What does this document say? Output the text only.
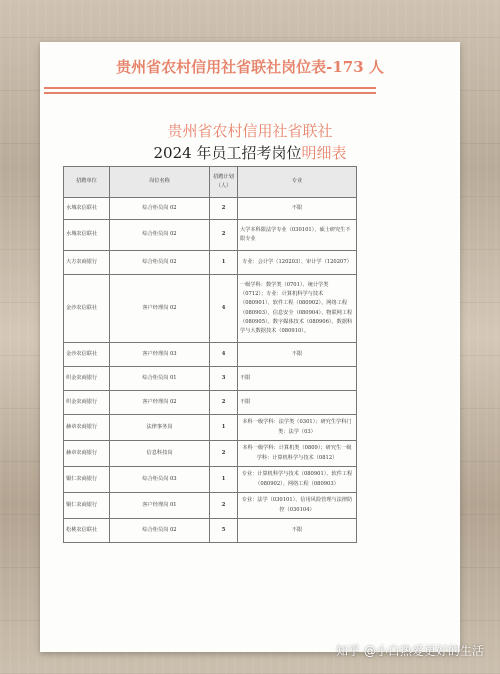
贵州省农村信用社省联社岗位表-173 人
贵州省农村信用社省联社
2024 年员工招考岗位明细表
招聘单位	岗位名称	招聘计划（人）	专业
水城农信联社	综合柜员岗 02	2	不限
水城农信联社	综合柜员岗 02	2	大学本科限法学专业（030101），硕士研究生不限专业
大方农商银行	综合柜员岗 02	1	专业：会计学（120203）、审计学（120207）
金沙农信联社	客户经理岗 02	4	一级学科：数学类（0701）、统计学类（0712）；专业：计算机科学与技术（080901）、软件工程（080902）、网络工程（080903）、信息安全（080904）、物联网工程（080905）、数字媒体技术（080906）、数据科学与大数据技术（080910）。
金沙农信联社	客户经理岗 03	4	不限
织金农商银行	综合柜员岗 01	3	不限
织金农商银行	客户经理岗 02	2	不限
赫章农商银行	法律事务岗	1	本科一级学科：法学类（0301）；研究生学科门类：法学（03）
赫章农商银行	信息科技岗	2	本科一级学科：计算机类（0809）；研究生一级学科：计算机科学与技术（0812）
铜仁农商银行	综合柜员岗 03	1	专业：计算机科学与技术（080901）、软件工程（080902）、网络工程（080903）
铜仁农商银行	客户经理岗 01	2	专业：法学（030101）、信用风险管理与法律防控（030104）
松桃农信联社	综合柜员岗 02	5	不限
知乎 @小白热爱更好的生活
